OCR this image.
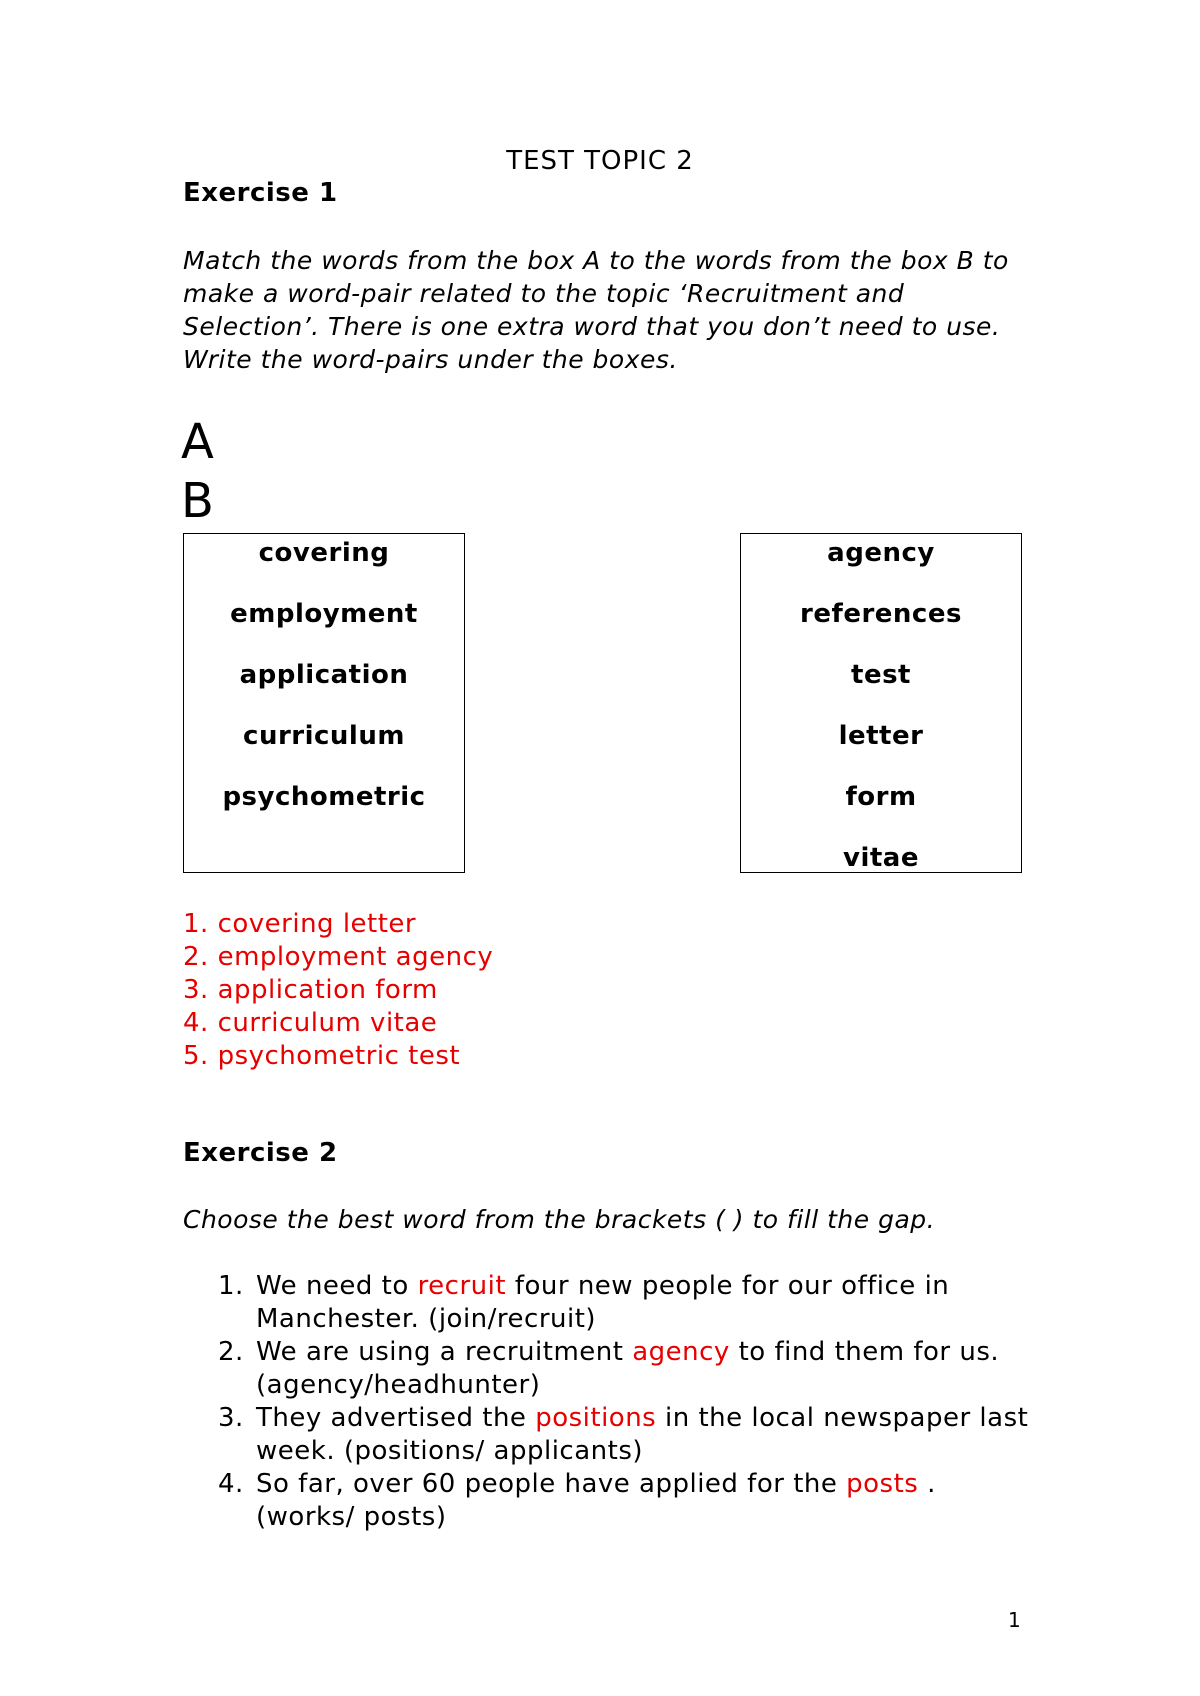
TEST TOPIC 2
Exercise 1
Match the words from the box A to the words from the box B to make a word-pair related to the topic ‘Recruitment and Selection’. There is one extra word that you don’t need to use. Write the word-pairs under the boxes.
A
B
covering
employment
application
curriculum
psychometric
agency
references
test
letter
form
vitae
1. covering letter
2. employment agency
3. application form
4. curriculum vitae
5. psychometric test
Exercise 2
Choose the best word from the brackets ( ) to fill the gap.
1. We need to recruit four new people for our office in Manchester. (join/recruit)
2. We are using a recruitment agency to find them for us. (agency/headhunter)
3. They advertised the positions in the local newspaper last week. (positions/ applicants)
4. So far, over 60 people have applied for the posts . (works/ posts)
1
